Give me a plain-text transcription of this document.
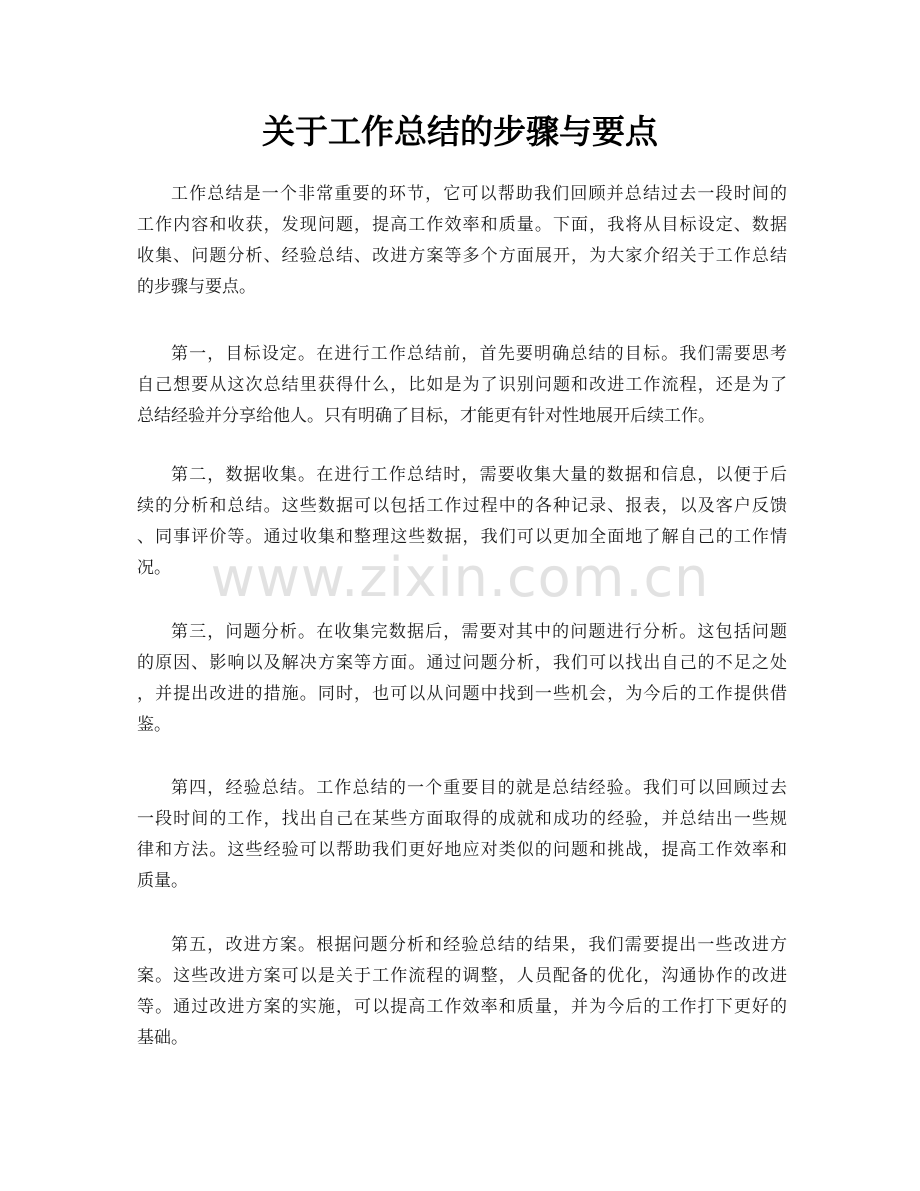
关于工作总结的步骤与要点
www.zixin.com.cn

工作总结是一个非常重要的环节，它可以帮助我们回顾并总结过去一段时间的
工作内容和收获，发现问题，提高工作效率和质量。下面，我将从目标设定、数据
收集、问题分析、经验总结、改进方案等多个方面展开，为大家介绍关于工作总结
的步骤与要点。

第一，目标设定。在进行工作总结前，首先要明确总结的目标。我们需要思考
自己想要从这次总结里获得什么，比如是为了识别问题和改进工作流程，还是为了
总结经验并分享给他人。只有明确了目标，才能更有针对性地展开后续工作。

第二，数据收集。在进行工作总结时，需要收集大量的数据和信息，以便于后
续的分析和总结。这些数据可以包括工作过程中的各种记录、报表，以及客户反馈
、同事评价等。通过收集和整理这些数据，我们可以更加全面地了解自己的工作情
况。

第三，问题分析。在收集完数据后，需要对其中的问题进行分析。这包括问题
的原因、影响以及解决方案等方面。通过问题分析，我们可以找出自己的不足之处
，并提出改进的措施。同时，也可以从问题中找到一些机会，为今后的工作提供借
鉴。

第四，经验总结。工作总结的一个重要目的就是总结经验。我们可以回顾过去
一段时间的工作，找出自己在某些方面取得的成就和成功的经验，并总结出一些规
律和方法。这些经验可以帮助我们更好地应对类似的问题和挑战，提高工作效率和
质量。

第五，改进方案。根据问题分析和经验总结的结果，我们需要提出一些改进方
案。这些改进方案可以是关于工作流程的调整，人员配备的优化，沟通协作的改进
等。通过改进方案的实施，可以提高工作效率和质量，并为今后的工作打下更好的
基础。
